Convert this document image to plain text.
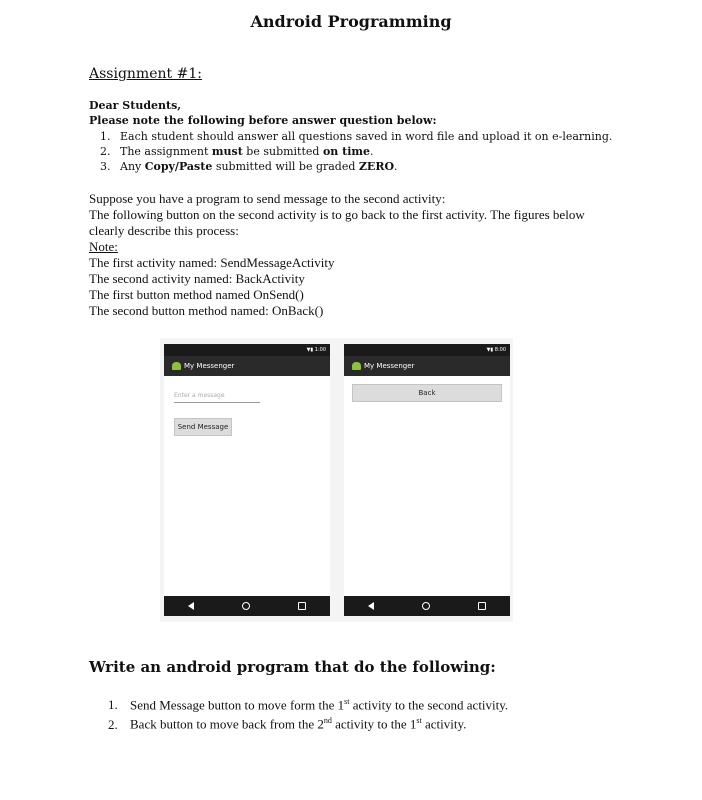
Android Programming
Assignment #1:
Dear Students,
Please note the following before answer question below:
1. Each student should answer all questions saved in word file and upload it on e-learning.
2. The assignment must be submitted on time.
3. Any Copy/Paste submitted will be graded ZERO.
Suppose you have a program to send message to the second activity:
The following button on the second activity is to go back to the first activity. The figures below
clearly describe this process:
Note:
The first activity named: SendMessageActivity
The second activity named: BackActivity
The first button method named OnSend()
The second button method named: OnBack()
▼▮ 1:00
My Messenger
Enter a message
Send Message
▼▮ 8:00
My Messenger
Back
Write an android program that do the following:
1. Send Message button to move form the 1st activity to the second activity.
2. Back button to move back from the 2nd activity to the 1st activity.
